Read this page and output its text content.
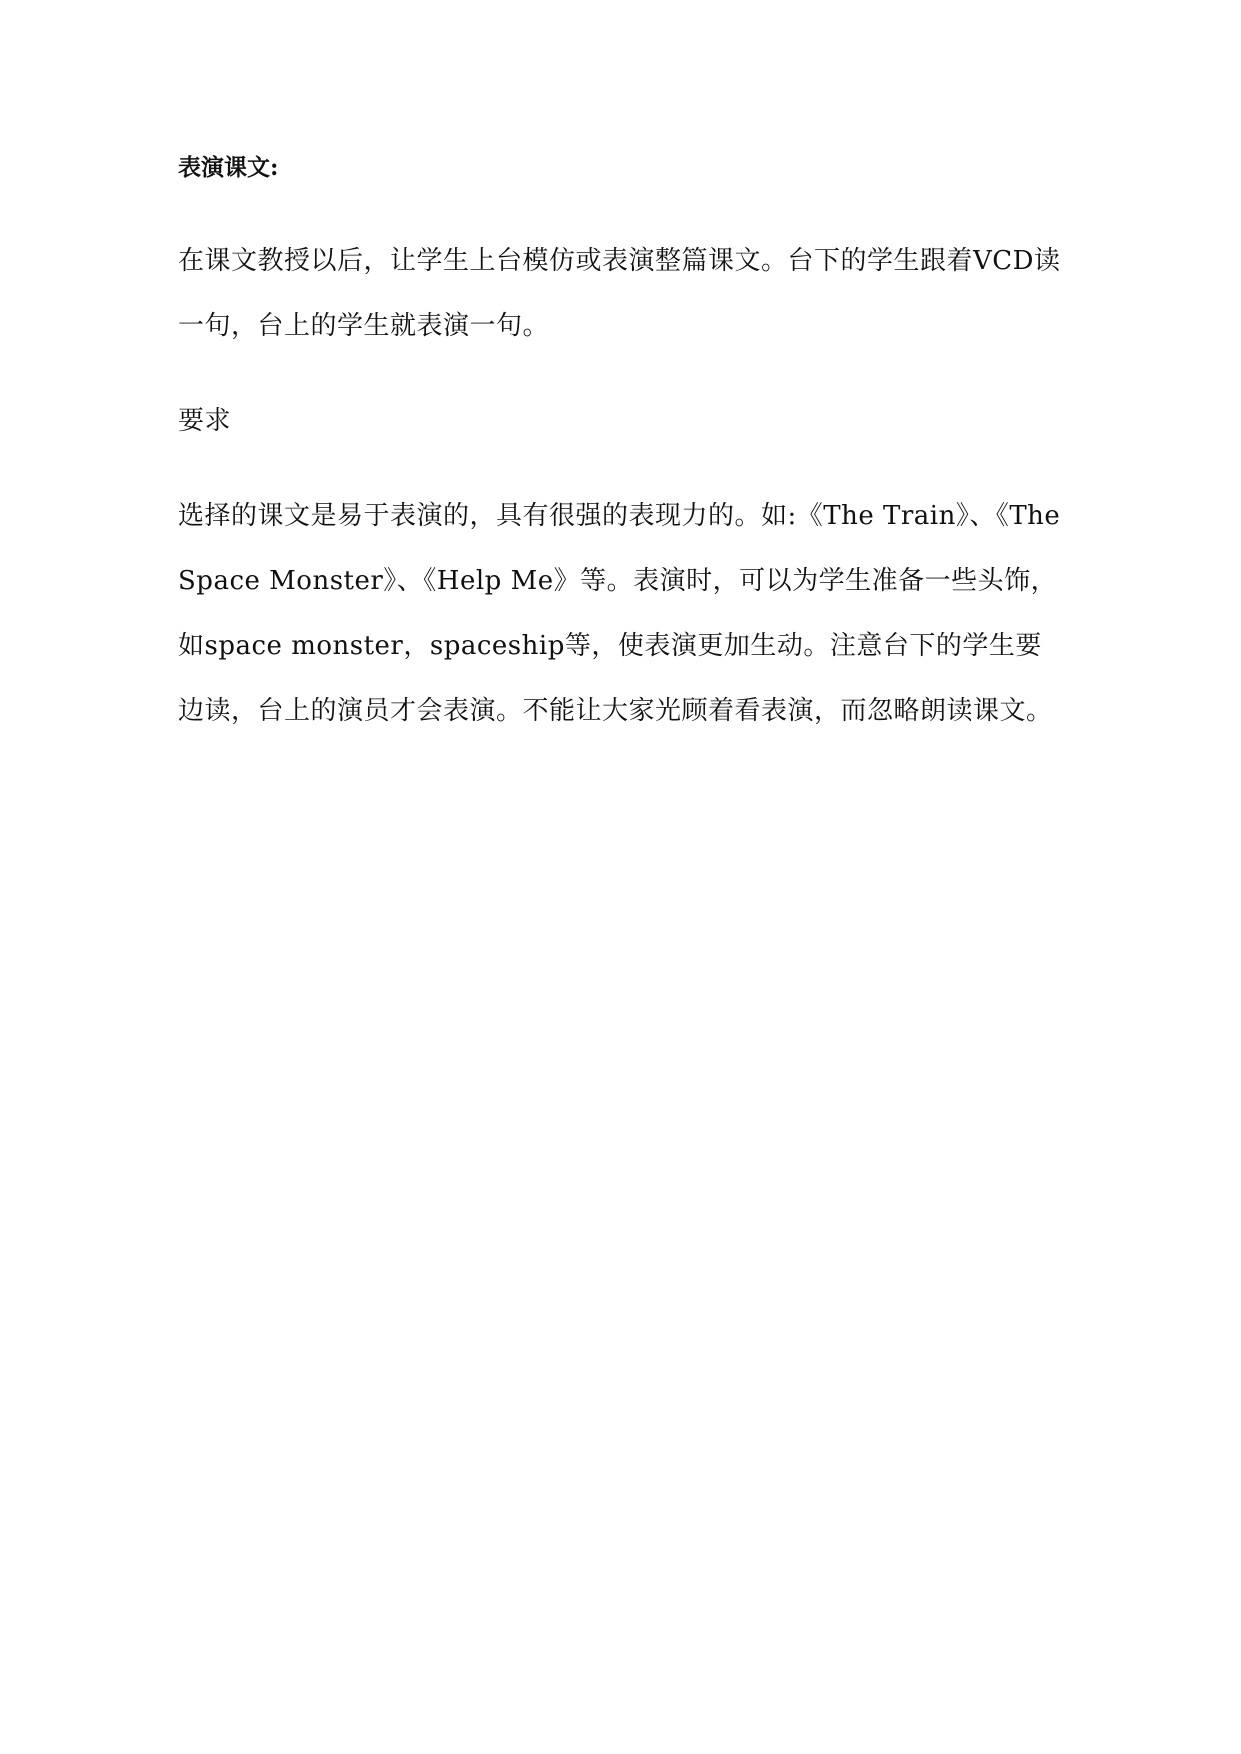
表演课文:

在课文教授以后，让学生上台模仿或表演整篇课文。台下的学生跟着VCD读一句，台上的学生就表演一句。

要求

选择的课文是易于表演的，具有很强的表现力的。如:《The Train》、《The Space Monster》、《Help Me》等。表演时，可以为学生准备一些头饰，如space monster，spaceship等，使表演更加生动。注意台下的学生要边读，台上的演员才会表演。不能让大家光顾着看表演，而忽略朗读课文。
